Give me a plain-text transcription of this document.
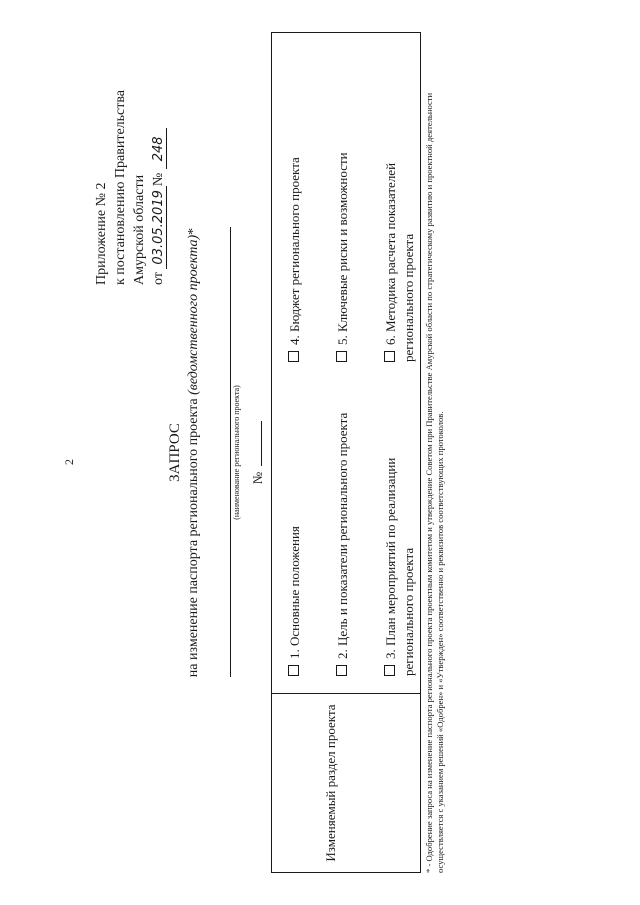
2
Приложение № 2 к постановлению Правительства Амурской области от 03.05.2019№ 248
ЗАПРОС на изменение паспорта регионального проекта (ведомственного проекта)*
(наименование регионального проекта) №
Изменяемый раздел проекта
1. Основные положения	2. Цель и показатели регионального проекта	3. План мероприятий по реализации регионального проекта
4. Бюджет регионального проекта	5. Ключевые риски и возможности	6. Методика расчета показателей регионального проекта * - Одобрение запроса на изменение паспорта регионального проекта проектным комитетом и утверждение Советом при Правительстве Амурской области по стратегическому развитию и проектной деятельности осуществляется с указанием решений «Одобрен» и «Утвержден» соответственно и реквизитов соответствующих протоколов.
